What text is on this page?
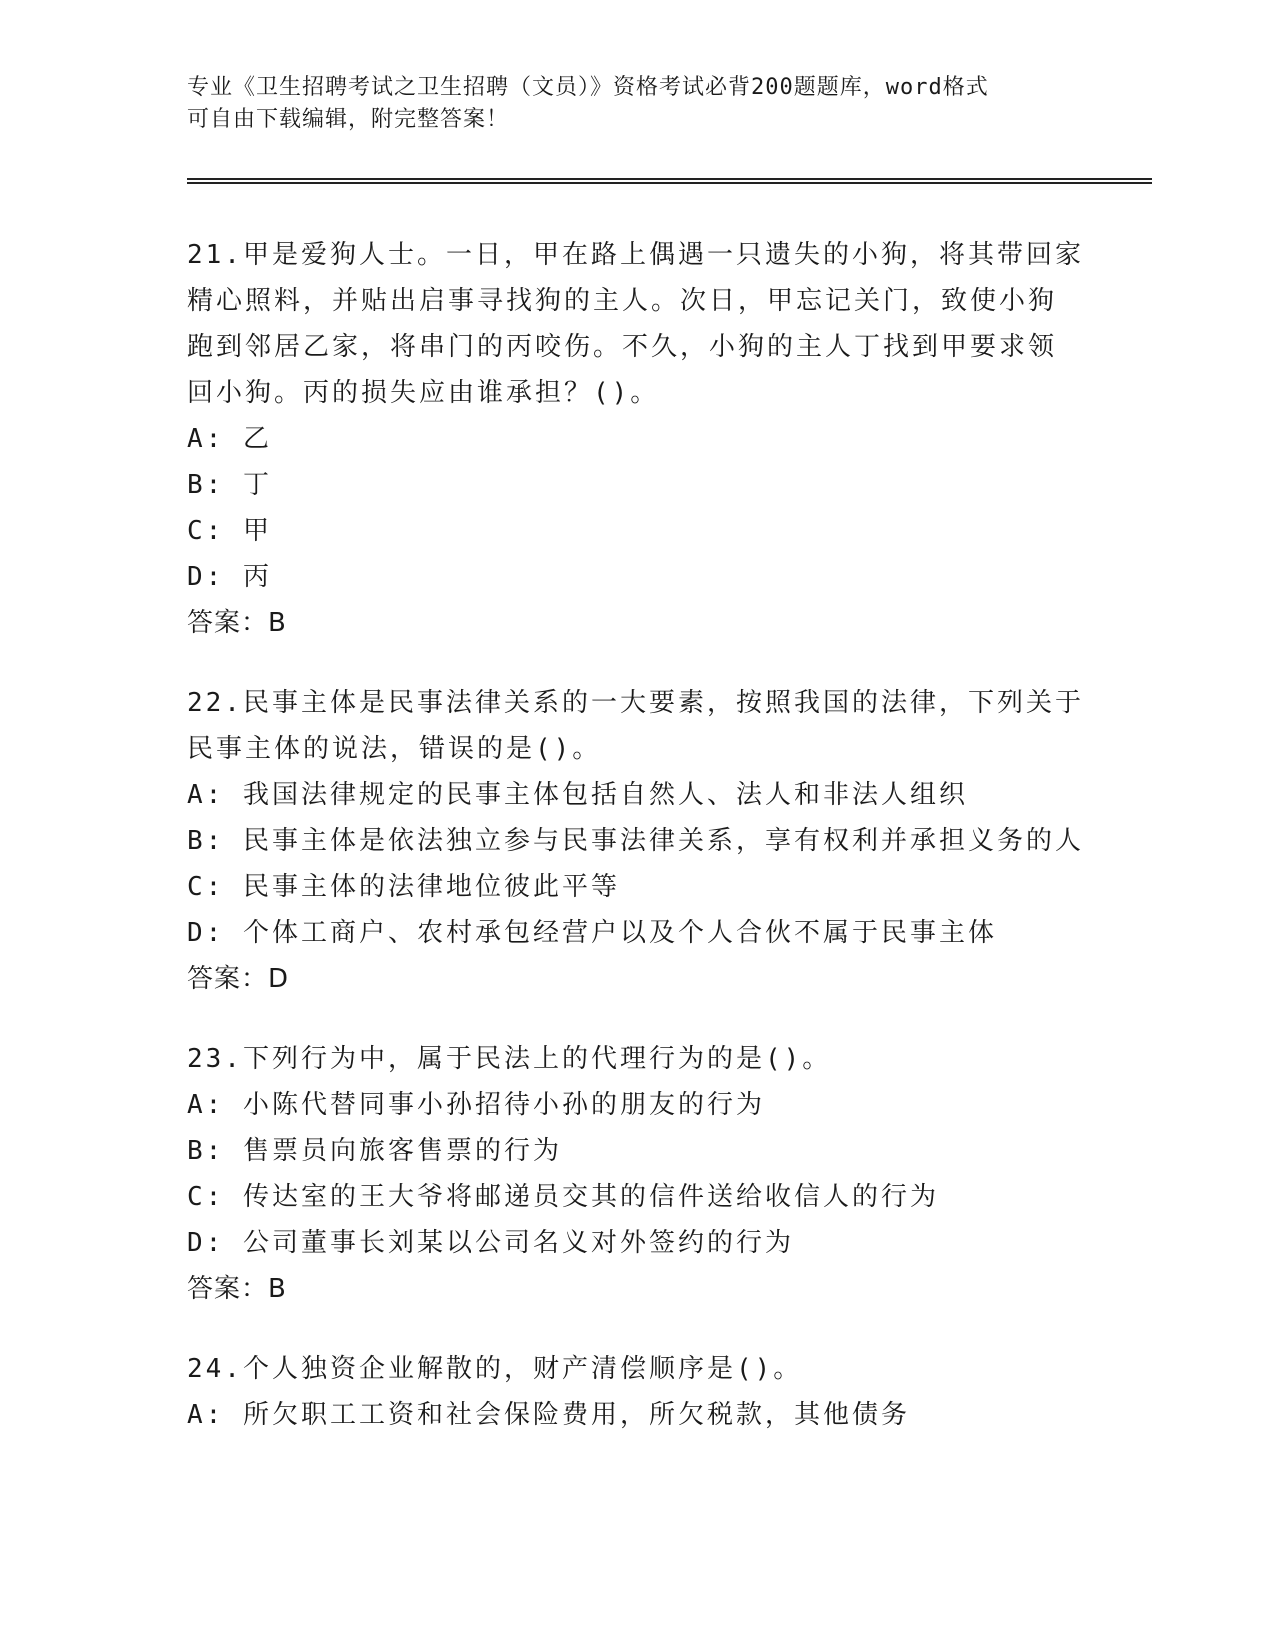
专业《卫生招聘考试之卫生招聘（文员）》资格考试必背200题题库，word格式
可自由下载编辑，附完整答案！

21.甲是爱狗人士。一日，甲在路上偶遇一只遗失的小狗，将其带回家

精心照料，并贴出启事寻找狗的主人。次日，甲忘记关门，致使小狗

跑到邻居乙家，将串门的丙咬伤。不久，小狗的主人丁找到甲要求领

回小狗。丙的损失应由谁承担？()。

A: 乙

B: 丁

C: 甲

D: 丙

答案：B

22.民事主体是民事法律关系的一大要素，按照我国的法律，下列关于

民事主体的说法，错误的是()。

A: 我国法律规定的民事主体包括自然人、法人和非法人组织

B: 民事主体是依法独立参与民事法律关系，享有权利并承担义务的人

C: 民事主体的法律地位彼此平等

D: 个体工商户、农村承包经营户以及个人合伙不属于民事主体

答案：D

23.下列行为中，属于民法上的代理行为的是()。

A: 小陈代替同事小孙招待小孙的朋友的行为

B: 售票员向旅客售票的行为

C: 传达室的王大爷将邮递员交其的信件送给收信人的行为

D: 公司董事长刘某以公司名义对外签约的行为

答案：B

24.个人独资企业解散的，财产清偿顺序是()。

A: 所欠职工工资和社会保险费用，所欠税款，其他债务
